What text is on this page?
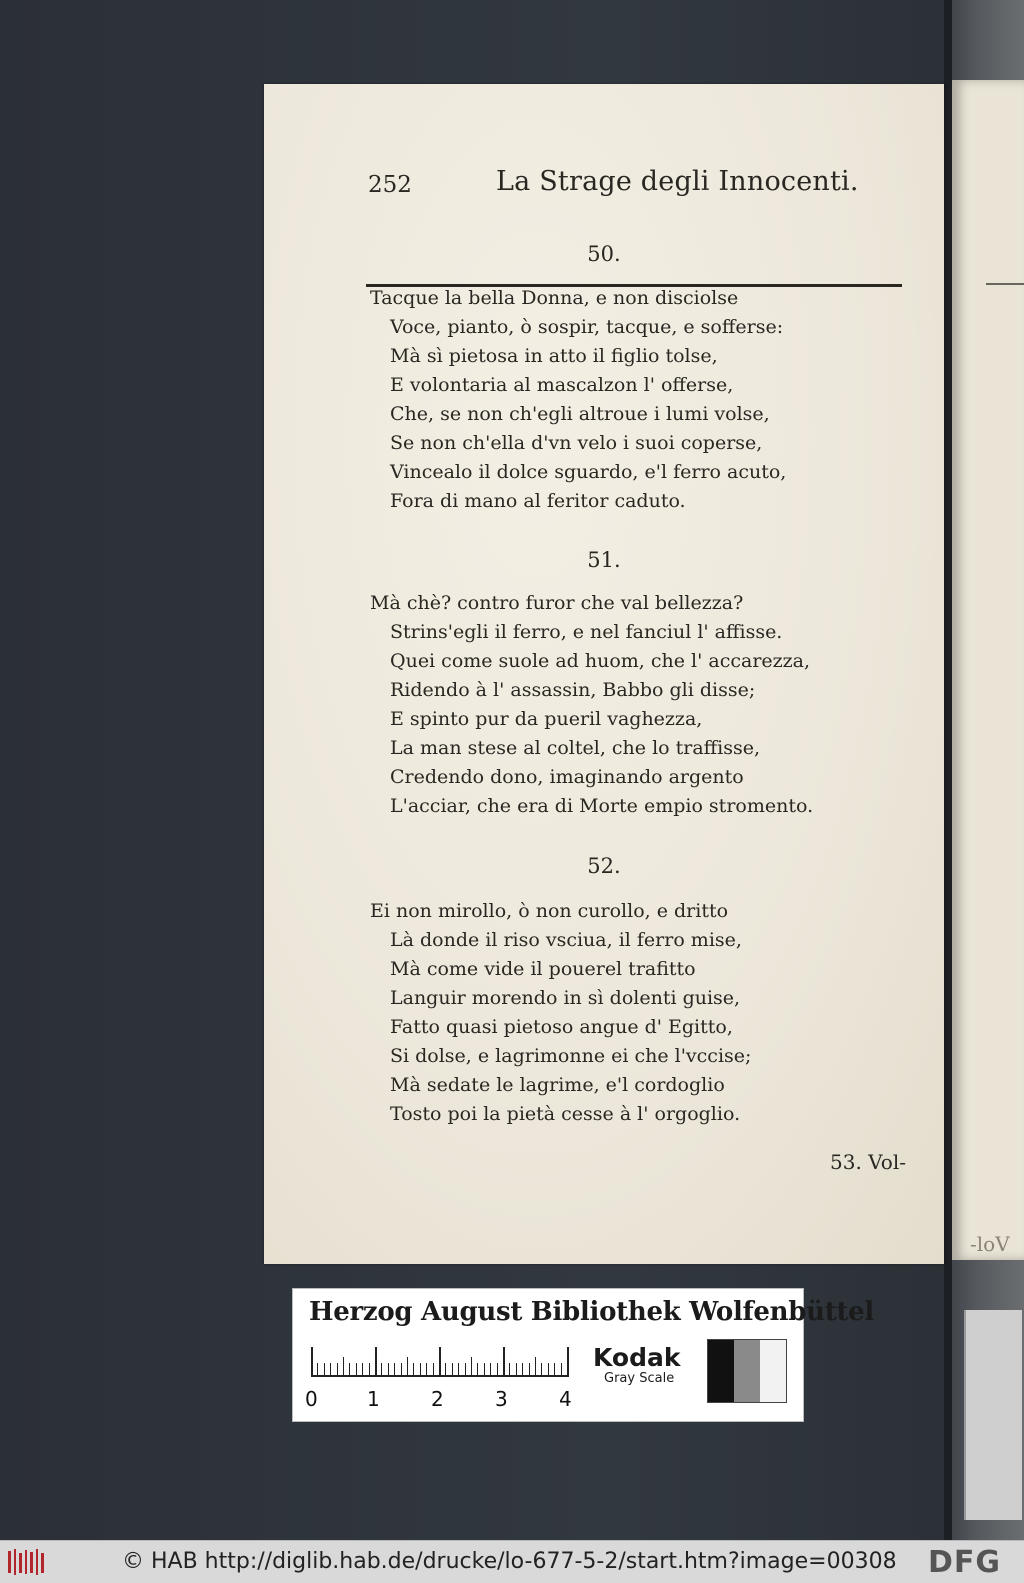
-loV
252	La Strage degli Innocenti.
50.
Tacque la bella Donna, e non disciolse
Voce, pianto, ò sospir, tacque, e sofferse:
Mà sì pietosa in atto il figlio tolse,
E volontaria al mascalzon l' offerse,
Che, se non ch'egli altroue i lumi volse,
Se non ch'ella d'vn velo i suoi coperse,
Vincealo il dolce sguardo, e'l ferro acuto,
Fora di mano al feritor caduto.
51.
Mà chè? contro furor che val bellezza?
Strins'egli il ferro, e nel fanciul l' affisse.
Quei come suole ad huom, che l' accarezza,
Ridendo à l' assassin, Babbo gli disse;
E spinto pur da pueril vaghezza,
La man stese al coltel, che lo traffisse,
Credendo dono, imaginando argento
L'acciar, che era di Morte empio stromento.
52.
Ei non mirollo, ò non curollo, e dritto
Là donde il riso vsciua, il ferro mise,
Mà come vide il pouerel trafitto
Languir morendo in sì dolenti guise,
Fatto quasi pietoso angue d' Egitto,
Si dolse, e lagrimonne ei che l'vccise;
Mà sedate le lagrime, e'l cordoglio
Tosto poi la pietà cesse à l' orgoglio.
53. Vol-
Herzog August Bibliothek Wolfenbüttel
0 1	2	3	4
Kodak
Gray Scale
© HAB http://diglib.hab.de/drucke/lo-677-5-2/start.htm?image=00308 DFG
